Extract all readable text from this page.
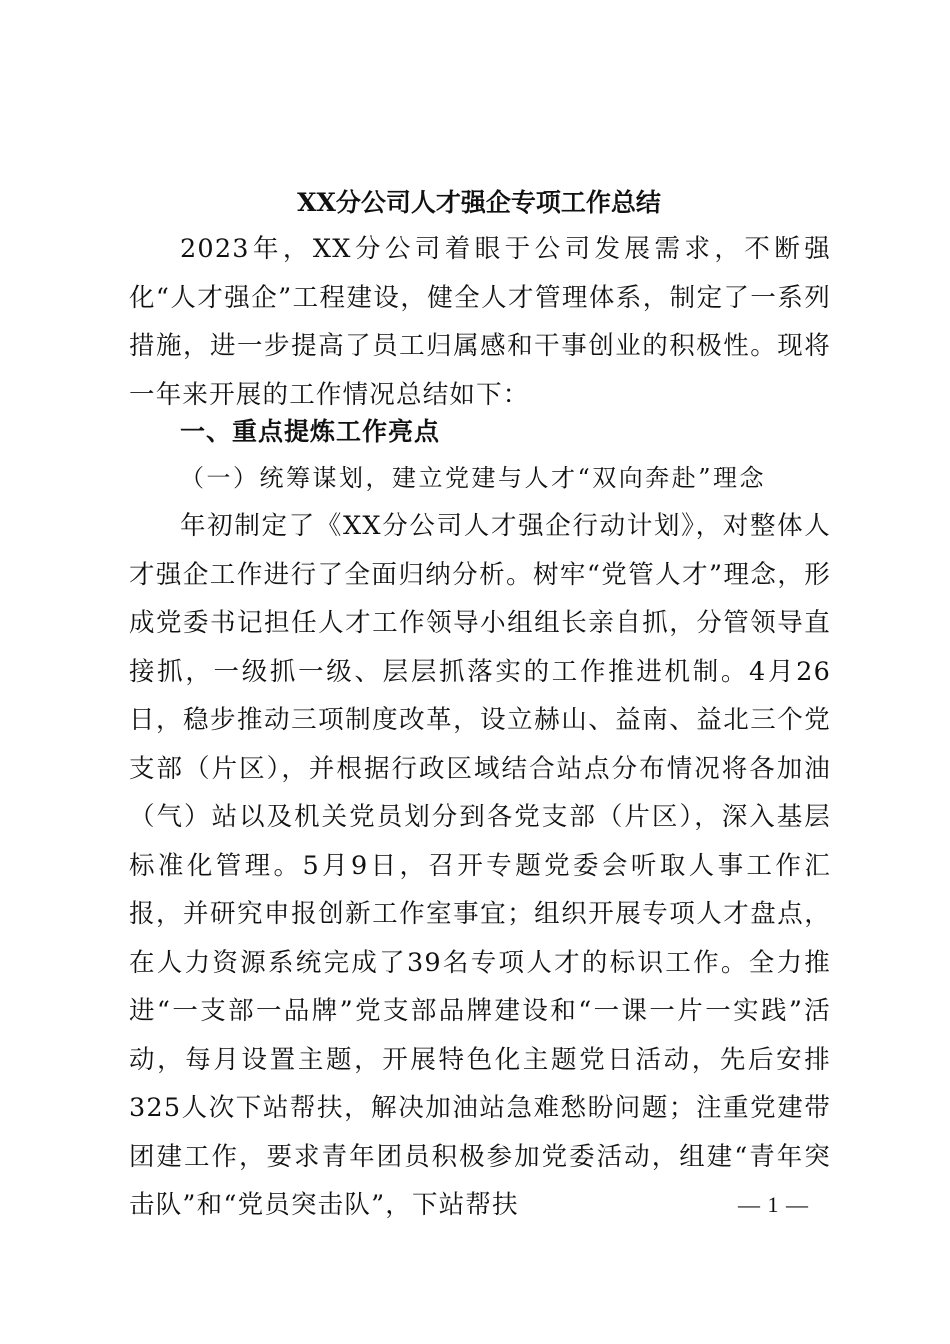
XX分公司人才强企专项工作总结

2023年，XX分公司着眼于公司发展需求，不断强化“人才强企”工程建设，健全人才管理体系，制定了一系列措施，进一步提高了员工归属感和干事创业的积极性。现将一年来开展的工作情况总结如下：

一、重点提炼工作亮点
（一）统筹谋划，建立党建与人才“双向奔赴”理念

年初制定了《XX分公司人才强企行动计划》，对整体人才强企工作进行了全面归纳分析。树牢“党管人才”理念，形成党委书记担任人才工作领导小组组长亲自抓，分管领导直接抓，一级抓一级、层层抓落实的工作推进机制。4月26日，稳步推动三项制度改革，设立赫山、益南、益北三个党支部（片区），并根据行政区域结合站点分布情况将各加油（气）站以及机关党员划分到各党支部（片区），深入基层标准化管理。5月9日，召开专题党委会听取人事工作汇报，并研究申报创新工作室事宜；组织开展专项人才盘点，在人力资源系统完成了39名专项人才的标识工作。全力推进“一支部一品牌”党支部品牌建设和“一课一片一实践”活动，每月设置主题，开展特色化主题党日活动，先后安排325人次下站帮扶，解决加油站急难愁盼问题；注重党建带团建工作，要求青年团员积极参加党委活动，组建“青年突击队”和“党员突击队”，下站帮扶	— 1 —
